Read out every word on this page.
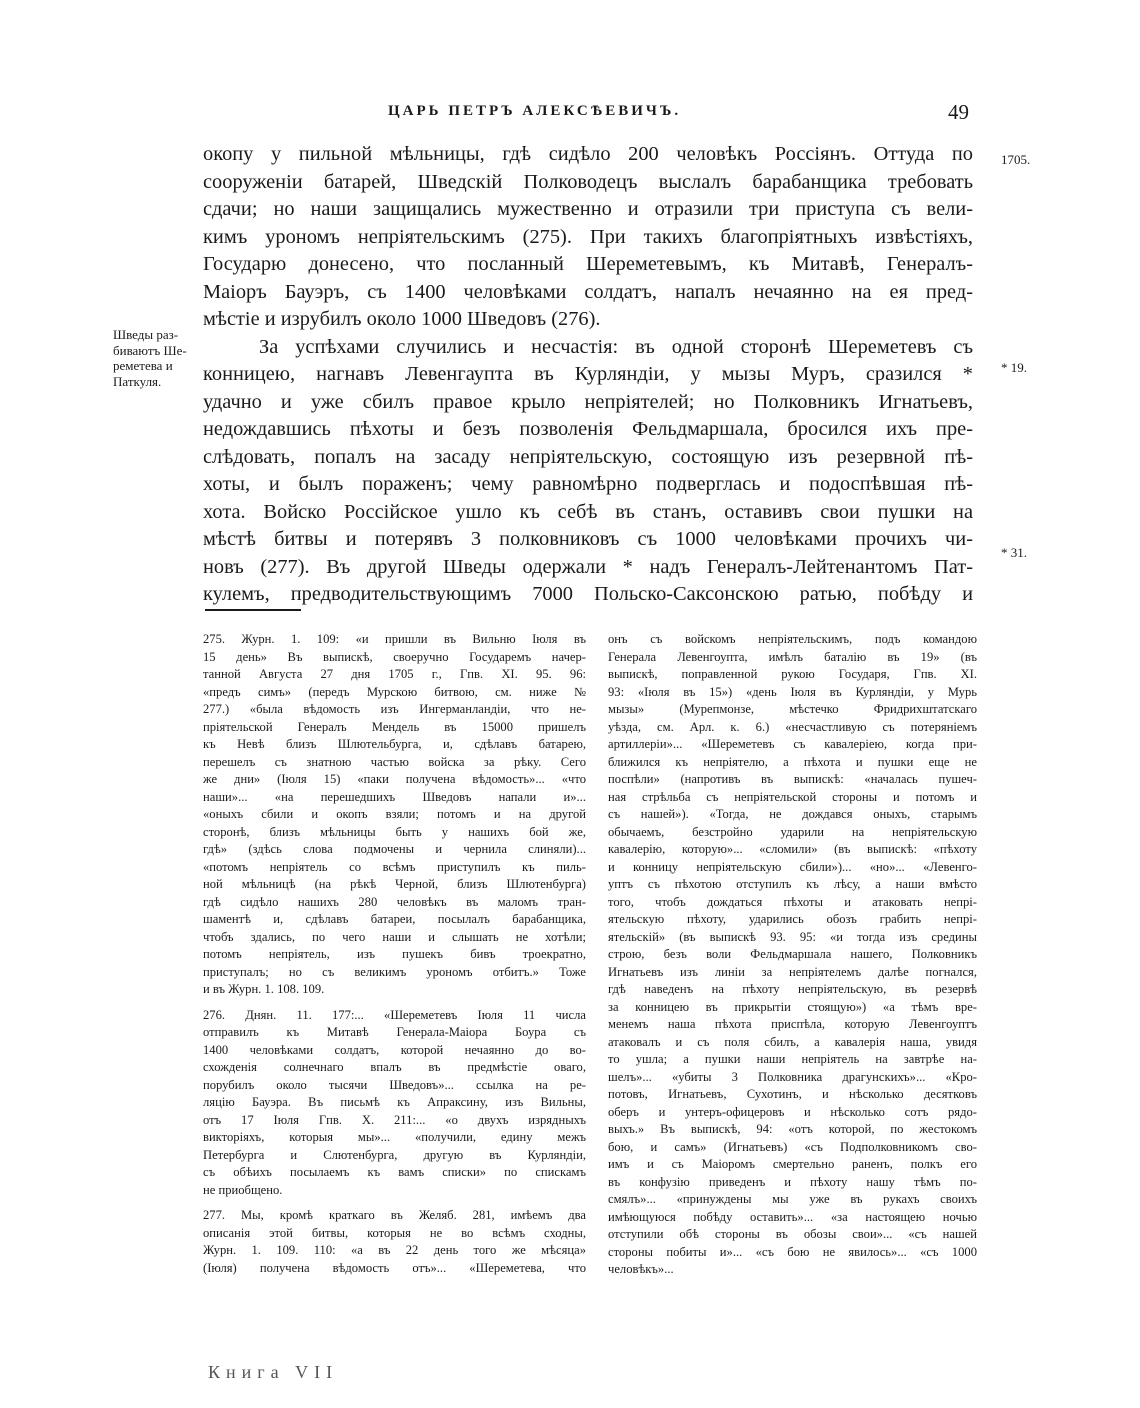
ЦАРЬ ПЕТРЪ АЛЕКСѢЕВИЧЪ.	49
1705.
* 19.
* 31.
Шведы раз-
биваютъ Ше-
реметева и
Паткуля.
окопу у пильной мѣльницы, гдѣ сидѣло 200 человѣкъ Россіянъ. Оттуда по
сооруженіи батарей, Шведскій Полководецъ выслалъ барабанщика требовать
сдачи; но наши защищались мужественно и отразили три приступа съ вели-
кимъ урономъ непріятельскимъ (275). При такихъ благопріятныхъ извѣстіяхъ,
Государю донесено, что посланный Шереметевымъ, къ Митавѣ, Генералъ-
Маіоръ Бауэръ, съ 1400 человѣками солдатъ, напалъ нечаянно на ея пред-
мѣстіе и изрубилъ около 1000 Шведовъ (276).
За успѣхами случились и несчастія: въ одной сторонѣ Шереметевъ съ
конницею, нагнавъ Левенгаупта въ Курляндіи, у мызы Муръ, сразился *
удачно и уже сбилъ правое крыло непріятелей; но Полковникъ Игнатьевъ,
недождавшись пѣхоты и безъ позволенія Фельдмаршала, бросился ихъ пре-
слѣдовать, попалъ на засаду непріятельскую, состоящую изъ резервной пѣ-
хоты, и былъ пораженъ; чему равномѣрно подверглась и подоспѣвшая пѣ-
хота. Войско Россійское ушло къ себѣ въ станъ, оставивъ свои пушки на
мѣстѣ битвы и потерявъ 3 полковниковъ съ 1000 человѣками прочихъ чи-
новъ (277). Въ другой Шведы одержали * надъ Генералъ-Лейтенантомъ Пат-
кулемъ, предводительствующимъ 7000 Польско-Саксонскою ратью, побѣду и
275. Журн. 1. 109: «и пришли въ Вильню Іюля въ
15 день» Въ выпискѣ, своеручно Государемъ начер-
танной Августа 27 дня 1705 г., Гпв. XI. 95. 96:
«предъ симъ» (передъ Мурскою битвою, см. ниже №
277.) «была вѣдомость изъ Ингерманландіи, что не-
пріятельской Генералъ Мендель въ 15000 пришелъ
къ Невѣ близъ Шлютельбурга, и, сдѣлавъ батарею,
перешелъ съ знатною частью войска за рѣку. Сего
же дни» (Іюля 15) «паки получена вѣдомость»... «что
наши»... «на перешедшихъ Шведовъ напали и»...
«оныхъ сбили и окопъ взяли; потомъ и на другой
сторонѣ, близъ мѣльницы быть у нашихъ бой же,
гдѣ» (здѣсь слова подмочены и чернила слиняли)...
«потомъ непріятель со всѣмъ приступилъ къ пиль-
ной мѣльницѣ (на рѣкѣ Черной, близъ Шлютенбурга)
гдѣ сидѣло нашихъ 280 человѣкъ въ маломъ тран-
шаментѣ и, сдѣлавъ батареи, посылалъ барабанщика,
чтобъ здались, по чего наши и слышать не хотѣли;
потомъ непріятель, изъ пушекъ бивъ троекратно,
приступалъ; но съ великимъ урономъ отбитъ.» Тоже
и въ Журн. 1. 108. 109.
276. Днян. 11. 177:... «Шереметевъ Іюля 11 числа
отправилъ къ Митавѣ Генерала-Маіора Боура съ
1400 человѣками солдатъ, которой нечаянно до во-
схожденія солнечнаго впалъ въ предмѣстіе оваго,
порубилъ около тысячи Шведовъ»... ссылка на ре-
ляцію Бауэра. Въ письмѣ къ Апраксину, изъ Вильны,
отъ 17 Іюля Гпв. X. 211:... «о двухъ изрядныхъ
викторіяхъ, которыя мы»... «получили, едину межъ
Петербурга и Слютенбурга, другую въ Курляндіи,
съ обѣихъ посылаемъ къ вамъ списки» по спискамъ
не приобщено.
277. Мы, кромѣ краткаго въ Желяб. 281, имѣемъ два
описанія этой битвы, которыя не во всѣмъ сходны,
Журн. 1. 109. 110: «а въ 22 день того же мѣсяца»
(Іюля) получена вѣдомость отъ»... «Шереметева, что
онъ съ войскомъ непріятельскимъ, подъ командою
Генерала Левенгоупта, имѣлъ баталію въ 19» (въ
выпискѣ, поправленной рукою Государя, Гпв. XI.
93: «Іюля въ 15») «день Іюля въ Курляндіи, у Мурь
мызы» (Мурепмонзе, мѣстечко Фридрихштатскаго
уѣзда, см. Арл. к. 6.) «несчастливую съ потеряніемъ
артиллеріи»... «Шереметевъ съ кавалеріею, когда при-
ближился къ непріятелю, а пѣхота и пушки еще не
поспѣли» (напротивъ въ выпискѣ: «началась пушеч-
ная стрѣльба съ непріятельской стороны и потомъ и
съ нашей»). «Тогда, не дождався оныхъ, старымъ
обычаемъ, безстройно ударили на непріятельскую
кавалерію, которую»... «сломили» (въ выпискѣ: «пѣхоту
и конницу непріятельскую сбили»)... «но»... «Левенго-
уптъ съ пѣхотою отступилъ къ лѣсу, а наши вмѣсто
того, чтобъ дождаться пѣхоты и атаковать непрі-
ятельскую пѣхоту, ударились обозъ грабить непрі-
ятельскій» (въ выпискѣ 93. 95: «и тогда изъ средины
строю, безъ воли Фельдмаршала нашего, Полковникъ
Игнатьевъ изъ линіи за непріятелемъ далѣе погнался,
гдѣ наведенъ на пѣхоту непріятельскую, въ резервѣ
за конницею въ прикрытіи стоящую») «а тѣмъ вре-
менемъ наша пѣхота приспѣла, которую Левенгоуптъ
атаковалъ и съ поля сбилъ, а кавалерія наша, увидя
то ушла; а пушки наши непріятель на завтрѣе на-
шелъ»... «убиты 3 Полковника драгунскихъ»... «Кро-
потовъ, Игнатьевъ, Сухотинъ, и нѣсколько десятковъ
оберъ и унтеръ-офицеровъ и нѣсколько сотъ рядо-
выхъ.» Въ выпискѣ, 94: «отъ которой, по жестокомъ
бою, и самъ» (Игнатьевъ) «съ Подполковникомъ сво-
имъ и съ Маіоромъ смертельно раненъ, полкъ его
въ конфузію приведенъ и пѣхоту нашу тѣмъ по-
смялъ»... «принуждены мы уже въ рукахъ своихъ
имѣющуюся побѣду оставить»... «за настоящею ночью
отступили обѣ стороны въ обозы свои»... «съ нашей
стороны побиты и»... «съ бою не явилось»... «съ 1000
человѣкъ»...
Книга VII
